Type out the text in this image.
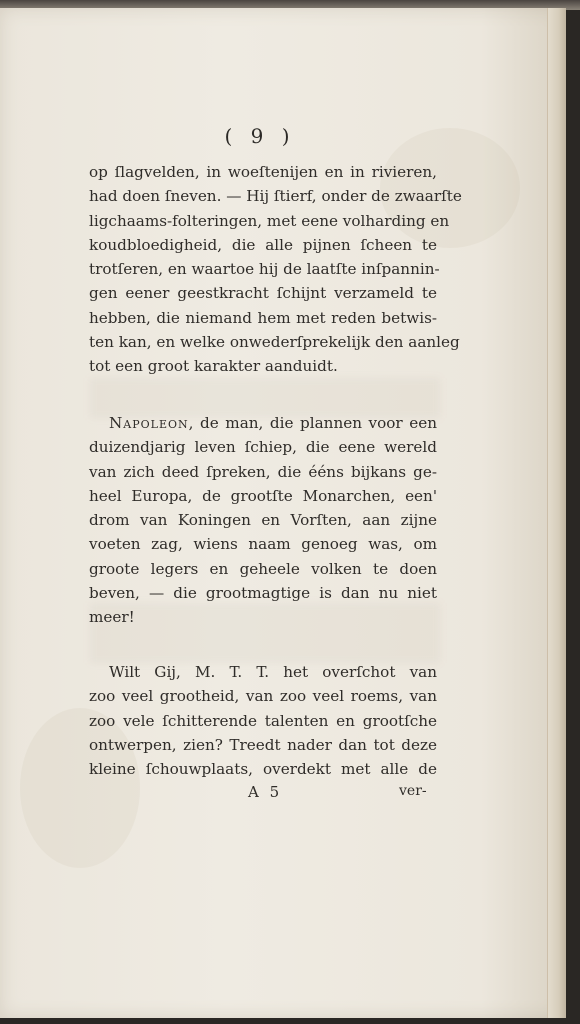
( 9 )
op ſlagvelden, in woeſtenijen en in rivieren,
had doen ſneven. — Hij ſtierf, onder de zwaarſte
ligchaams-folteringen, met eene volharding en
koudbloedigheid, die alle pijnen ſcheen te
trotſeren, en waartoe hij de laatſte inſpannin-
gen eener geestkracht ſchijnt verzameld te
hebben, die niemand hem met reden betwis-
ten kan, en welke onwederſprekelijk den aanleg
tot een groot karakter aanduidt.
Napoleon, de man, die plannen voor een
duizendjarig leven ſchiep, die eene wereld
van zich deed ſpreken, die ééns bijkans ge-
heel Europa, de grootſte Monarchen, een'
drom van Koningen en Vorſten, aan zijne
voeten zag, wiens naam genoeg was, om
groote legers en geheele volken te doen
beven, — die grootmagtige is dan nu niet
meer!
Wilt Gij, M. T. T. het overſchot van
zoo veel grootheid, van zoo veel roems, van
zoo vele ſchitterende talenten en grootſche
ontwerpen, zien? Treedt nader dan tot deze
kleine ſchouwplaats, overdekt met alle de
A 5	ver-
